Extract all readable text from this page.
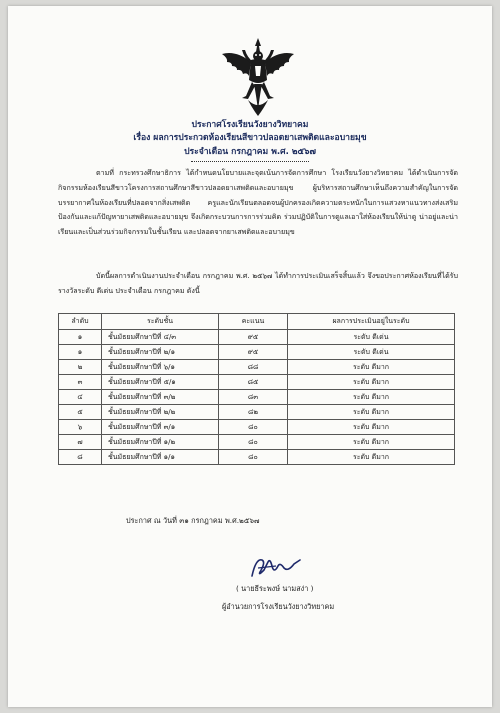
ประกาศโรงเรียนวังยางวิทยาคม
เรื่อง ผลการประกวดห้องเรียนสีขาวปลอดยาเสพติดและอบายมุข
ประจำเดือน กรกฎาคม พ.ศ. ๒๕๖๗
ตามที่ กระทรวงศึกษาธิการ ได้กำหนดนโยบายและจุดเน้นการจัดการศึกษา โรงเรียนวังยางวิทยาคม ได้ดำเนินการจัดกิจกรรมห้องเรียนสีขาวโครงการสถานศึกษาสีขาวปลอดยาเสพติดและอบายมุข ผู้บริหารสถานศึกษาเห็นถึงความสำคัญในการจัดบรรยากาศในห้องเรียนที่ปลอดจากสิ่งเสพติด ครูและนักเรียนตลอดจนผู้ปกครองเกิดความตระหนักในการแสวงหาแนวทางส่งเสริม ป้องกันและแก้ปัญหายาเสพติดและอบายมุข จึงเกิดกระบวนการการร่วมคิด ร่วมปฏิบัติในการดูแลเอาใส่ห้องเรียนให้น่าดู น่าอยู่และน่าเรียนและเป็นส่วนร่วมกิจกรรมในชั้นเรียน และปลอดจากยาเสพติดและอบายมุข
บัดนี้ผลการดำเนินงานประจำเดือน กรกฎาคม พ.ศ. ๒๕๖๗ ได้ทำการประเมินเสร็จสิ้นแล้ว จึงขอประกาศห้องเรียนที่ได้รับรางวัลระดับ ดีเด่น ประจำเดือน กรกฎาคม ดังนี้
ลำดับ	ระดับชั้น	คะแนน	ผลการประเมินอยู่ในระดับ
๑	ชั้นมัธยมศึกษาปีที่ ๔/๓	๙๕	ระดับ ดีเด่น
๑	ชั้นมัธยมศึกษาปีที่ ๒/๑	๙๕	ระดับ ดีเด่น
๒	ชั้นมัธยมศึกษาปีที่ ๖/๑	๘๘	ระดับ ดีมาก
๓	ชั้นมัธยมศึกษาปีที่ ๕/๑	๘๕	ระดับ ดีมาก
๔	ชั้นมัธยมศึกษาปีที่ ๓/๒	๘๓	ระดับ ดีมาก
๕	ชั้นมัธยมศึกษาปีที่ ๒/๒	๘๒	ระดับ ดีมาก
๖	ชั้นมัธยมศึกษาปีที่ ๓/๑	๘๐	ระดับ ดีมาก
๗	ชั้นมัธยมศึกษาปีที่ ๑/๒	๘๐	ระดับ ดีมาก
๘	ชั้นมัธยมศึกษาปีที่ ๑/๑	๘๐	ระดับ ดีมาก
ประกาศ ณ วันที่ ๓๑ กรกฎาคม พ.ศ.๒๕๖๗
( นายธีระพงษ์ นามสง่า )
ผู้อำนวยการโรงเรียนวังยางวิทยาคม
